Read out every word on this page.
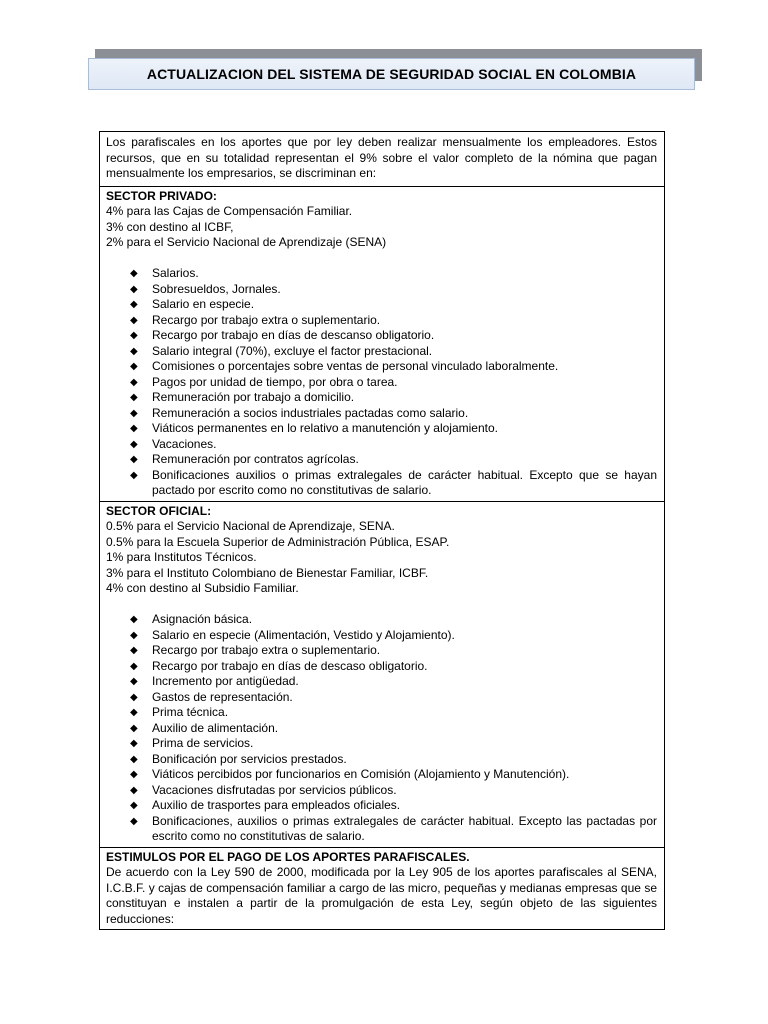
ACTUALIZACION DEL SISTEMA DE SEGURIDAD SOCIAL EN COLOMBIA
Los parafiscales en los aportes que por ley deben realizar mensualmente los empleadores. Estos recursos, que en su totalidad representan el 9% sobre el valor completo de la nómina que pagan mensualmente los empresarios, se discriminan en:

SECTOR PRIVADO:
4% para las Cajas de Compensación Familiar.
3% con destino al ICBF,
2% para el Servicio Nacional de Aprendizaje (SENA)
◆ Salarios.
◆ Sobresueldos, Jornales.
◆ Salario en especie.
◆ Recargo por trabajo extra o suplementario.
◆ Recargo por trabajo en días de descanso obligatorio.
◆ Salario integral (70%), excluye el factor prestacional.
◆ Comisiones o porcentajes sobre ventas de personal vinculado laboralmente.
◆ Pagos por unidad de tiempo, por obra o tarea.
◆ Remuneración por trabajo a domicilio.
◆ Remuneración a socios industriales pactadas como salario.
◆ Viáticos permanentes en lo relativo a manutención y alojamiento.
◆ Vacaciones.
◆ Remuneración por contratos agrícolas.
◆ Bonificaciones auxilios o primas extralegales de carácter habitual. Excepto que se hayan pactado por escrito como no constitutivas de salario.

SECTOR OFICIAL:
0.5% para el Servicio Nacional de Aprendizaje, SENA.
0.5% para la Escuela Superior de Administración Pública, ESAP.
1% para Institutos Técnicos.
3% para el Instituto Colombiano de Bienestar Familiar, ICBF.
4% con destino al Subsidio Familiar.
◆ Asignación básica.
◆ Salario en especie (Alimentación, Vestido y Alojamiento).
◆ Recargo por trabajo extra o suplementario.
◆ Recargo por trabajo en días de descaso obligatorio.
◆ Incremento por antigüedad.
◆ Gastos de representación.
◆ Prima técnica.
◆ Auxilio de alimentación.
◆ Prima de servicios.
◆ Bonificación por servicios prestados.
◆ Viáticos percibidos por funcionarios en Comisión (Alojamiento y Manutención).
◆ Vacaciones disfrutadas por servicios públicos.
◆ Auxilio de trasportes para empleados oficiales.
◆ Bonificaciones, auxilios o primas extralegales de carácter habitual. Excepto las pactadas por escrito como no constitutivas de salario.

ESTIMULOS POR EL PAGO DE LOS APORTES PARAFISCALES.
De acuerdo con la Ley 590 de 2000, modificada por la Ley 905 de los aportes parafiscales al SENA, I.C.B.F. y cajas de compensación familiar a cargo de las micro, pequeñas y medianas empresas que se constituyan e instalen a partir de la promulgación de esta Ley, según objeto de las siguientes reducciones:
